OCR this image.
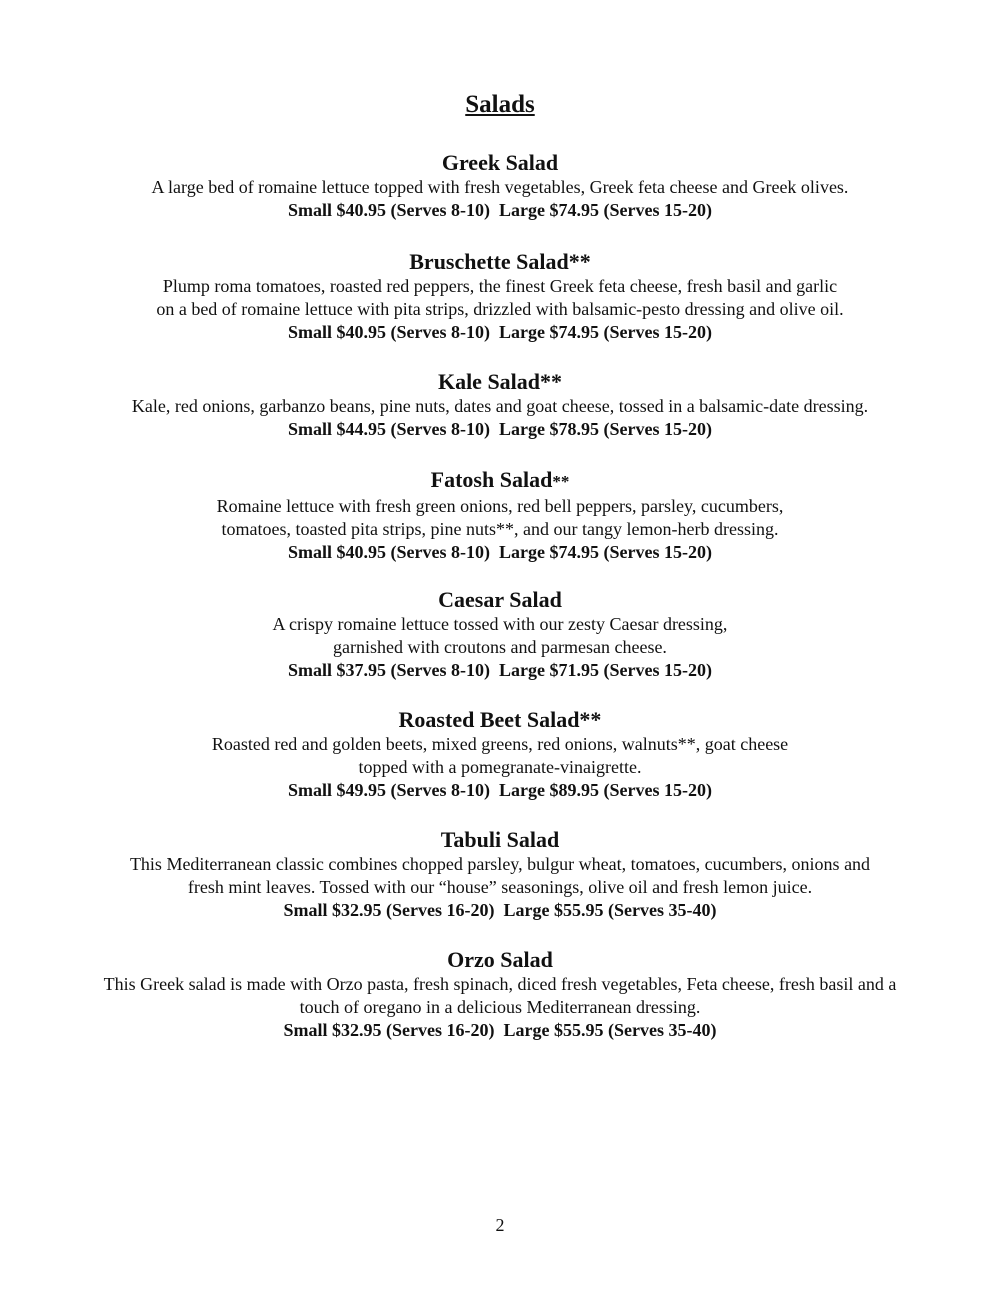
Salads
Greek Salad
A large bed of romaine lettuce topped with fresh vegetables, Greek feta cheese and Greek olives.
Small $40.95 (Serves 8-10)  Large $74.95 (Serves 15-20)
Bruschette Salad**
Plump roma tomatoes, roasted red peppers, the finest Greek feta cheese, fresh basil and garlic
on a bed of romaine lettuce with pita strips, drizzled with balsamic-pesto dressing and olive oil.
Small $40.95 (Serves 8-10)  Large $74.95 (Serves 15-20)
Kale Salad**
Kale, red onions, garbanzo beans, pine nuts, dates and goat cheese, tossed in a balsamic-date dressing.
Small $44.95 (Serves 8-10)  Large $78.95 (Serves 15-20)
Fatosh Salad**
Romaine lettuce with fresh green onions, red bell peppers, parsley, cucumbers,
tomatoes, toasted pita strips, pine nuts**, and our tangy lemon-herb dressing.
Small $40.95 (Serves 8-10)  Large $74.95 (Serves 15-20)
Caesar Salad
A crispy romaine lettuce tossed with our zesty Caesar dressing,
garnished with croutons and parmesan cheese.
Small $37.95 (Serves 8-10)  Large $71.95 (Serves 15-20)
Roasted Beet Salad**
Roasted red and golden beets, mixed greens, red onions, walnuts**, goat cheese
topped with a pomegranate-vinaigrette.
Small $49.95 (Serves 8-10)  Large $89.95 (Serves 15-20)
Tabuli Salad
This Mediterranean classic combines chopped parsley, bulgur wheat, tomatoes, cucumbers, onions and
fresh mint leaves. Tossed with our “house” seasonings, olive oil and fresh lemon juice.
Small $32.95 (Serves 16-20)  Large $55.95 (Serves 35-40)
Orzo Salad
This Greek salad is made with Orzo pasta, fresh spinach, diced fresh vegetables, Feta cheese, fresh basil and a
touch of oregano in a delicious Mediterranean dressing.
Small $32.95 (Serves 16-20)  Large $55.95 (Serves 35-40)
2
